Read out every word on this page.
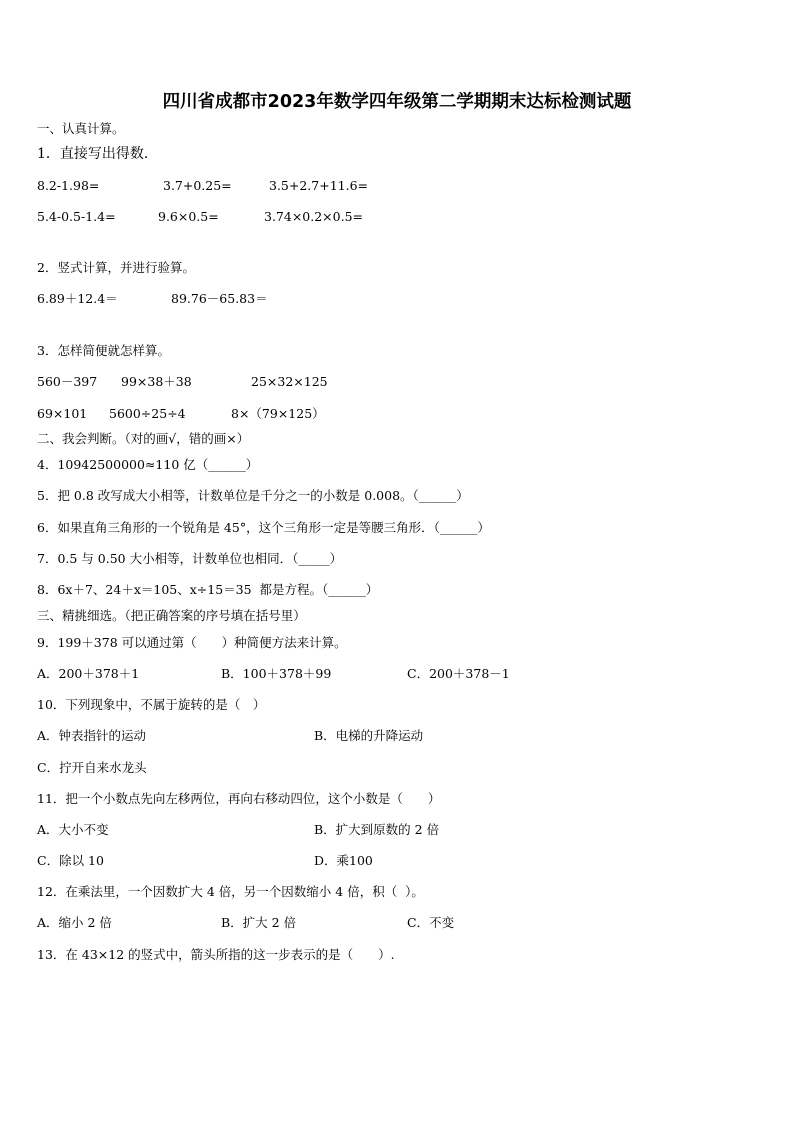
四川省成都市2023年数学四年级第二学期期末达标检测试题
一、认真计算。
1．直接写出得数．
8.2-1.98=	3.7+0.25=	3.5+2.7+11.6=
5.4-0.5-1.4=	9.6×0.5=	3.74×0.2×0.5=
2．竖式计算，并进行验算。
6.89＋12.4＝	89.76－65.83＝
3．怎样简便就怎样算。
560－397 99×38＋38	25×32×125
69×101 5600÷25÷4	8×（79×125）
二、我会判断。（对的画√，错的画×）
4．10942500000≈110 亿（______）
5．把 0.8 改写成大小相等，计数单位是千分之一的小数是 0.008。（______）
6．如果直角三角形的一个锐角是 45°，这个三角形一定是等腰三角形．（______）
7．0.5 与 0.50 大小相等，计数单位也相同．（_____）
8．6x＋7、24＋x＝105、x÷15＝35  都是方程。（______）
三、精挑细选。（把正确答案的序号填在括号里）
9．199＋378 可以通过第（　　）种简便方法来计算。
A．200＋378＋1	B．100＋378＋99	C．200＋378－1
10．下列现象中，不属于旋转的是（　）
A．钟表指针的运动	B．电梯的升降运动
C．拧开自来水龙头
11．把一个小数点先向左移两位，再向右移动四位，这个小数是（　　）
A．大小不变	B．扩大到原数的 2 倍
C．除以 10	D．乘100
12．在乘法里，一个因数扩大 4 倍，另一个因数缩小 4 倍，积（  ）。
A．缩小 2 倍	B．扩大 2 倍	C．不变
13．在 43×12 的竖式中，箭头所指的这一步表示的是（　　）.
